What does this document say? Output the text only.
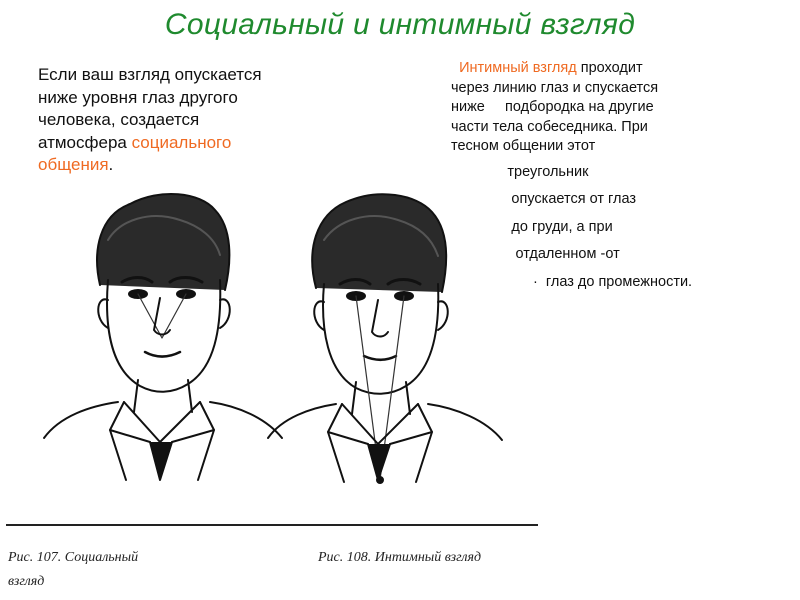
Социальный и интимный взгляд
Если ваш взгляд опускается
ниже уровня глаз другого
человека, создается
атмосфера социального
общения.
Интимный взгляд проходит
через линию глаз и спускается
ниже     подбородка на другие
части тела собеседника. При
тесном общении этот
треугольник
опускается от глаз
до груди, а при
отдаленном -от
·  глаз до промежности.
Рис. 107. Социальный
взгляд
Рис. 108. Интимный взгляд
